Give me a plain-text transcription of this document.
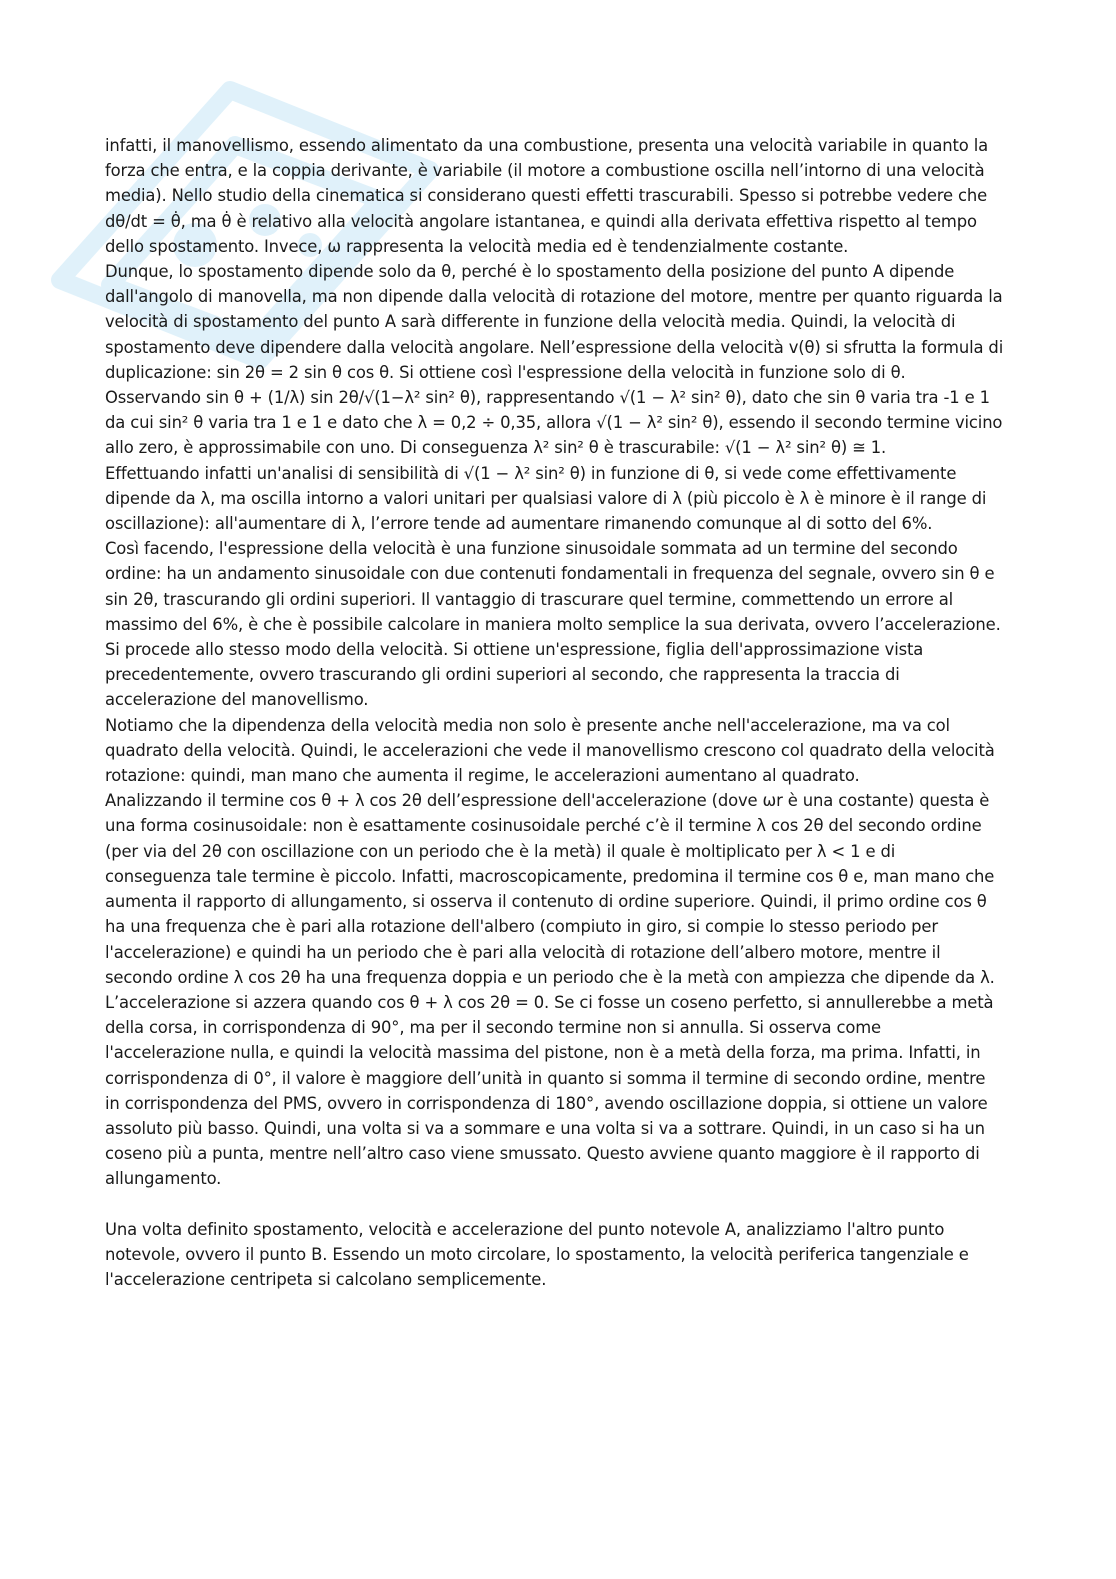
infatti, il manovellismo, essendo alimentato da una combustione, presenta una velocità variabile in quanto la forza che entra, e la coppia derivante, è variabile (il motore a combustione oscilla nell’intorno di una velocità media). Nello studio della cinematica si considerano questi effetti trascurabili. Spesso si potrebbe vedere che dθ/dt = θ̇, ma θ̇ è relativo alla velocità angolare istantanea, e quindi alla derivata effettiva rispetto al tempo dello spostamento. Invece, ω rappresenta la velocità media ed è tendenzialmente costante.

Dunque, lo spostamento dipende solo da θ, perché è lo spostamento della posizione del punto A dipende dall'angolo di manovella, ma non dipende dalla velocità di rotazione del motore, mentre per quanto riguarda la velocità di spostamento del punto A sarà differente in funzione della velocità media. Quindi, la velocità di spostamento deve dipendere dalla velocità angolare. Nell’espressione della velocità v(θ) si sfrutta la formula di duplicazione: sin 2θ = 2 sin θ cos θ. Si ottiene così l'espressione della velocità in funzione solo di θ.

Osservando sin θ + (1/λ) sin 2θ/√(1−λ² sin² θ), rappresentando √(1 − λ² sin² θ), dato che sin θ varia tra -1 e 1 da cui sin² θ varia tra 1 e 1 e dato che λ = 0,2 ÷ 0,35, allora √(1 − λ² sin² θ), essendo il secondo termine vicino allo zero, è approssimabile con uno. Di conseguenza λ² sin² θ è trascurabile: √(1 − λ² sin² θ) ≅ 1.

Effettuando infatti un'analisi di sensibilità di √(1 − λ² sin² θ) in funzione di θ, si vede come effettivamente dipende da λ, ma oscilla intorno a valori unitari per qualsiasi valore di λ (più piccolo è λ è minore è il range di oscillazione): all'aumentare di λ, l’errore tende ad aumentare rimanendo comunque al di sotto del 6%.

Così facendo, l'espressione della velocità è una funzione sinusoidale sommata ad un termine del secondo ordine: ha un andamento sinusoidale con due contenuti fondamentali in frequenza del segnale, ovvero sin θ e sin 2θ, trascurando gli ordini superiori. Il vantaggio di trascurare quel termine, commettendo un errore al massimo del 6%, è che è possibile calcolare in maniera molto semplice la sua derivata, ovvero l’accelerazione. Si procede allo stesso modo della velocità. Si ottiene un'espressione, figlia dell'approssimazione vista precedentemente, ovvero trascurando gli ordini superiori al secondo, che rappresenta la traccia di accelerazione del manovellismo.

Notiamo che la dipendenza della velocità media non solo è presente anche nell'accelerazione, ma va col quadrato della velocità. Quindi, le accelerazioni che vede il manovellismo crescono col quadrato della velocità rotazione: quindi, man mano che aumenta il regime, le accelerazioni aumentano al quadrato.

Analizzando il termine cos θ + λ cos 2θ dell’espressione dell'accelerazione (dove ωr è una costante) questa è una forma cosinusoidale: non è esattamente cosinusoidale perché c’è il termine λ cos 2θ del secondo ordine (per via del 2θ con oscillazione con un periodo che è la metà) il quale è moltiplicato per λ < 1 e di conseguenza tale termine è piccolo. Infatti, macroscopicamente, predomina il termine cos θ e, man mano che aumenta il rapporto di allungamento, si osserva il contenuto di ordine superiore. Quindi, il primo ordine cos θ ha una frequenza che è pari alla rotazione dell'albero (compiuto in giro, si compie lo stesso periodo per l'accelerazione) e quindi ha un periodo che è pari alla velocità di rotazione dell’albero motore, mentre il secondo ordine λ cos 2θ ha una frequenza doppia e un periodo che è la metà con ampiezza che dipende da λ.

L’accelerazione si azzera quando cos θ + λ cos 2θ = 0. Se ci fosse un coseno perfetto, si annullerebbe a metà della corsa, in corrispondenza di 90°, ma per il secondo termine non si annulla. Si osserva come l'accelerazione nulla, e quindi la velocità massima del pistone, non è a metà della forza, ma prima. Infatti, in corrispondenza di 0°, il valore è maggiore dell’unità in quanto si somma il termine di secondo ordine, mentre in corrispondenza del PMS, ovvero in corrispondenza di 180°, avendo oscillazione doppia, si ottiene un valore assoluto più basso. Quindi, una volta si va a sommare e una volta si va a sottrare. Quindi, in un caso si ha un coseno più a punta, mentre nell’altro caso viene smussato. Questo avviene quanto maggiore è il rapporto di allungamento.

Una volta definito spostamento, velocità e accelerazione del punto notevole A, analizziamo l'altro punto notevole, ovvero il punto B. Essendo un moto circolare, lo spostamento, la velocità periferica tangenziale e l'accelerazione centripeta si calcolano semplicemente.
